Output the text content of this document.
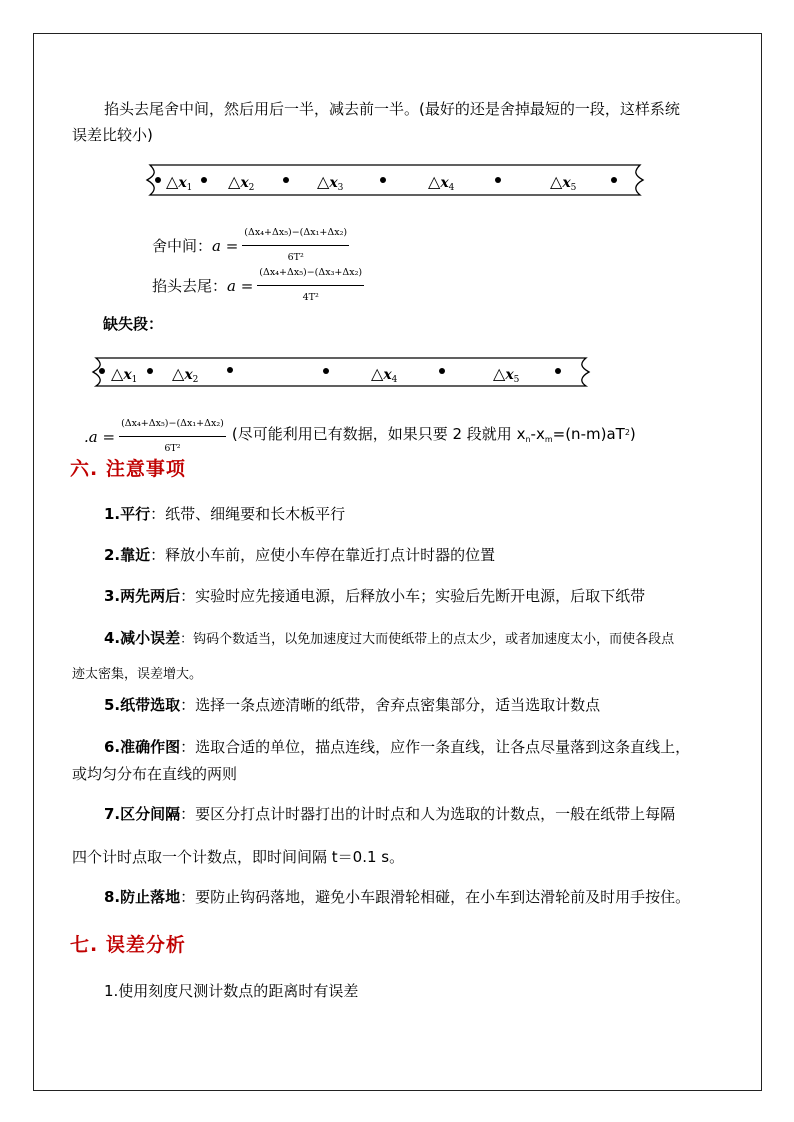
掐头去尾舍中间，然后用后一半，减去前一半。(最好的还是舍掉最短的一段，这样系统
误差比较小)
$\triangle x_1$ $\triangle x_2$	$\triangle x_3$	$\triangle x_4$	$\triangle x_5$
舍中间： $a = \frac{\text{(Δx₄+Δx₅)−(Δx₁+Δx₂)}}{\text{6T²}}$
掐头去尾： $a = \frac{\text{(Δx₄+Δx₅)−(Δx₃+Δx₂)}}{\text{4T²}}$
缺失段：
$\triangle x_1$ $\triangle x_2$	$\triangle x_4$	$\triangle x_5$
$.a = \frac{\text{(Δx₄+Δx₅)−(Δx₁+Δx₂)}}{\text{6T²}}$ (尽可能利用已有数据，如果只要 2 段就用 $x_n-x_m=(n-m)aT^2$)
六. 注意事项
1.平行：纸带、细绳要和长木板平行
2.靠近：释放小车前，应使小车停在靠近打点计时器的位置
3.两先两后：实验时应先接通电源，后释放小车；实验后先断开电源，后取下纸带
4.减小误差：钩码个数适当，以免加速度过大而使纸带上的点太少，或者加速度太小，而使各段点
迹太密集，误差增大。
5.纸带选取：选择一条点迹清晰的纸带，舍弃点密集部分，适当选取计数点
6.准确作图：选取合适的单位，描点连线，应作一条直线，让各点尽量落到这条直线上，
或均匀分布在直线的两则
7.区分间隔：要区分打点计时器打出的计时点和人为选取的计数点，一般在纸带上每隔
四个计时点取一个计数点，即时间间隔 t＝0.1 s。
8.防止落地：要防止钩码落地，避免小车跟滑轮相碰，在小车到达滑轮前及时用手按住。
七. 误差分析
1.使用刻度尺测计数点的距离时有误差
